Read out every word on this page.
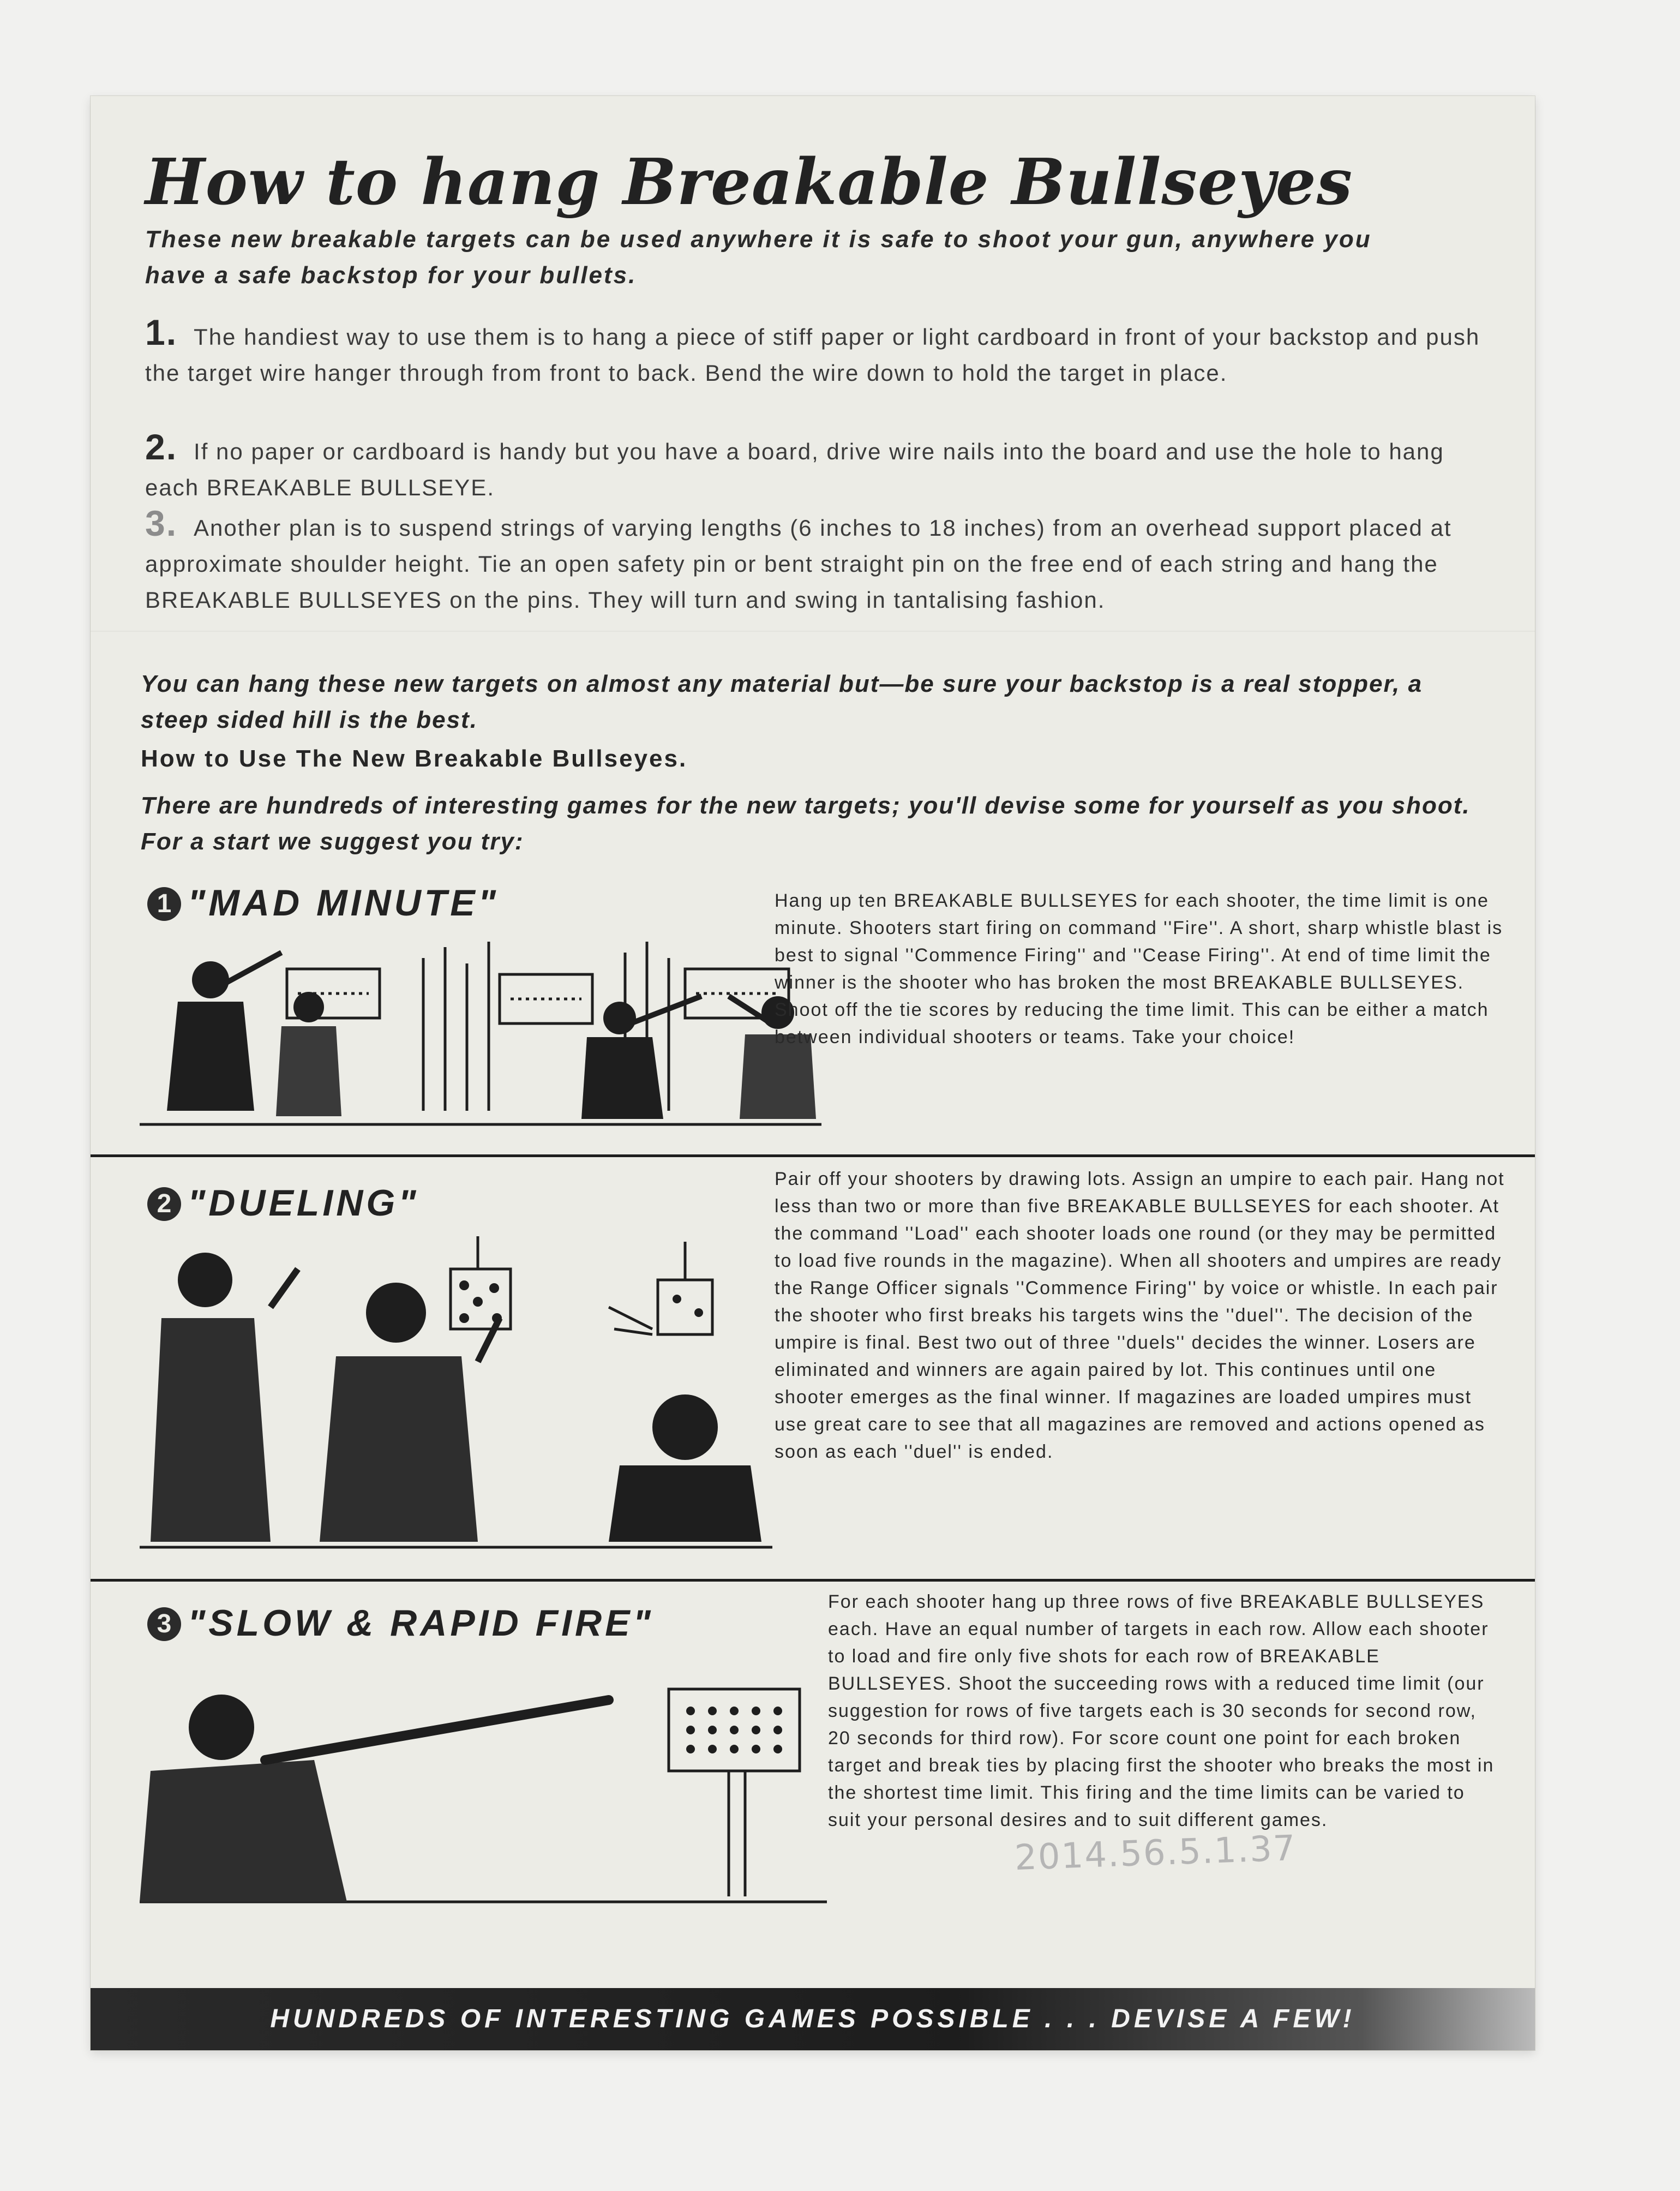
How to hang Breakable Bullseyes

These new breakable targets can be used anywhere it is safe to shoot your gun, anywhere you have a safe backstop for your bullets.

1. The handiest way to use them is to hang a piece of stiff paper or light cardboard in front of your backstop and push the target wire hanger through from front to back. Bend the wire down to hold the target in place.

2. If no paper or cardboard is handy but you have a board, drive wire nails into the board and use the hole to hang each BREAKABLE BULLSEYE.

3. Another plan is to suspend strings of varying lengths (6 inches to 18 inches) from an overhead support placed at approximate shoulder height. Tie an open safety pin or bent straight pin on the free end of each string and hang the BREAKABLE BULLSEYES on the pins. They will turn and swing in tantalising fashion.

You can hang these new targets on almost any material but—be sure your backstop is a real stopper, a steep sided hill is the best.

How to Use The New Breakable Bullseyes.

There are hundreds of interesting games for the new targets; you'll devise some for yourself as you shoot. For a start we suggest you try:

1 "MAD MINUTE"	Hang up ten BREAKABLE BULLSEYES for each shooter, the time limit is one minute. Shooters start firing on command ''Fire''. A short, sharp whistle blast is best to signal ''Commence Firing'' and ''Cease Firing''. At end of time limit the winner is the shooter who has broken the most BREAKABLE BULLSEYES. Shoot off the tie scores by reducing the time limit. This can be either a match between individual shooters or teams. Take your choice!

2 "DUELING"

Pair off your shooters by drawing lots. Assign an umpire to each pair. Hang not less than two or more than five BREAKABLE BULLSEYES for each shooter. At the command ''Load'' each shooter loads one round (or they may be permitted to load five rounds in the magazine). When all shooters and umpires are ready the Range Officer signals ''Commence Firing'' by voice or whistle. In each pair the shooter who first breaks his targets wins the ''duel''. The decision of the umpire is final. Best two out of three ''duels'' decides the winner. Losers are eliminated and winners are again paired by lot. This continues until one shooter emerges as the final winner. If magazines are loaded umpires must use great care to see that all magazines are removed and actions opened as soon as each ''duel'' is ended.

3 "SLOW & RAPID FIRE"

For each shooter hang up three rows of five BREAKABLE BULLSEYES each. Have an equal number of targets in each row. Allow each shooter to load and fire only five shots for each row of BREAKABLE BULLSEYES. Shoot the succeeding rows with a reduced time limit (our suggestion for rows of five targets each is 30 seconds for second row, 20 seconds for third row). For score count one point for each broken target and break ties by placing first the shooter who breaks the most in the shortest time limit. This firing and the time limits can be varied to suit your personal desires and to suit different games.

HUNDREDS OF INTERESTING GAMES POSSIBLE . . . DEVISE A FEW!
2014.56.5.1.37
